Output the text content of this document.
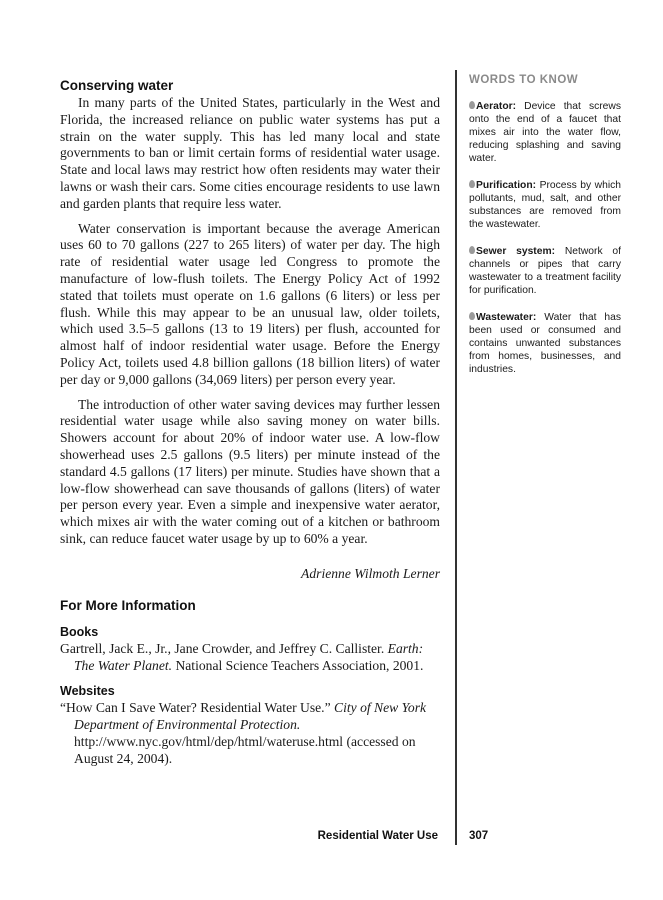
Conserving water

In many parts of the United States, particularly in the West and Florida, the increased reliance on public water systems has put a strain on the water supply. This has led many local and state governments to ban or limit certain forms of residential water usage. State and local laws may restrict how often residents may water their lawns or wash their cars. Some cities encourage residents to use lawn and garden plants that require less water.

Water conservation is important because the average American uses 60 to 70 gallons (227 to 265 liters) of water per day. The high rate of residential water usage led Congress to promote the manufacture of low-flush toilets. The Energy Policy Act of 1992 stated that toilets must operate on 1.6 gallons (6 liters) or less per flush. While this may appear to be an unusual law, older toilets, which used 3.5–5 gallons (13 to 19 liters) per flush, accounted for almost half of indoor residential water usage. Before the Energy Policy Act, toilets used 4.8 billion gallons (18 billion liters) of water per day or 9,000 gallons (34,069 liters) per person every year.

The introduction of other water saving devices may further lessen residential water usage while also saving money on water bills. Showers account for about 20% of indoor water use. A low-flow showerhead uses 2.5 gallons (9.5 liters) per minute instead of the standard 4.5 gallons (17 liters) per minute. Studies have shown that a low-flow showerhead can save thousands of gallons (liters) of water per person every year. Even a simple and inexpensive water aerator, which mixes air with the water coming out of a kitchen or bathroom sink, can reduce faucet water usage by up to 60% a year.

Adrienne Wilmoth Lerner
For More Information
Books

Gartrell, Jack E., Jr., Jane Crowder, and Jeffrey C. Callister. Earth: The Water Planet. National Science Teachers Association, 2001.

Websites

“How Can I Save Water? Residential Water Use.” City of New York Department of Environmental Protection. http://www.nyc.gov/html/dep/html/wateruse.html (accessed on August 24, 2004).

WORDS TO KNOW

Aerator: Device that screws onto the end of a faucet that mixes air into the water flow, reducing splashing and saving water.

Purification: Process by which pollutants, mud, salt, and other substances are removed from the wastewater.

Sewer system: Network of channels or pipes that carry wastewater to a treatment facility for purification.

Wastewater: Water that has been used or consumed and contains unwanted substances from homes, businesses, and industries.

Residential Water Use	307
